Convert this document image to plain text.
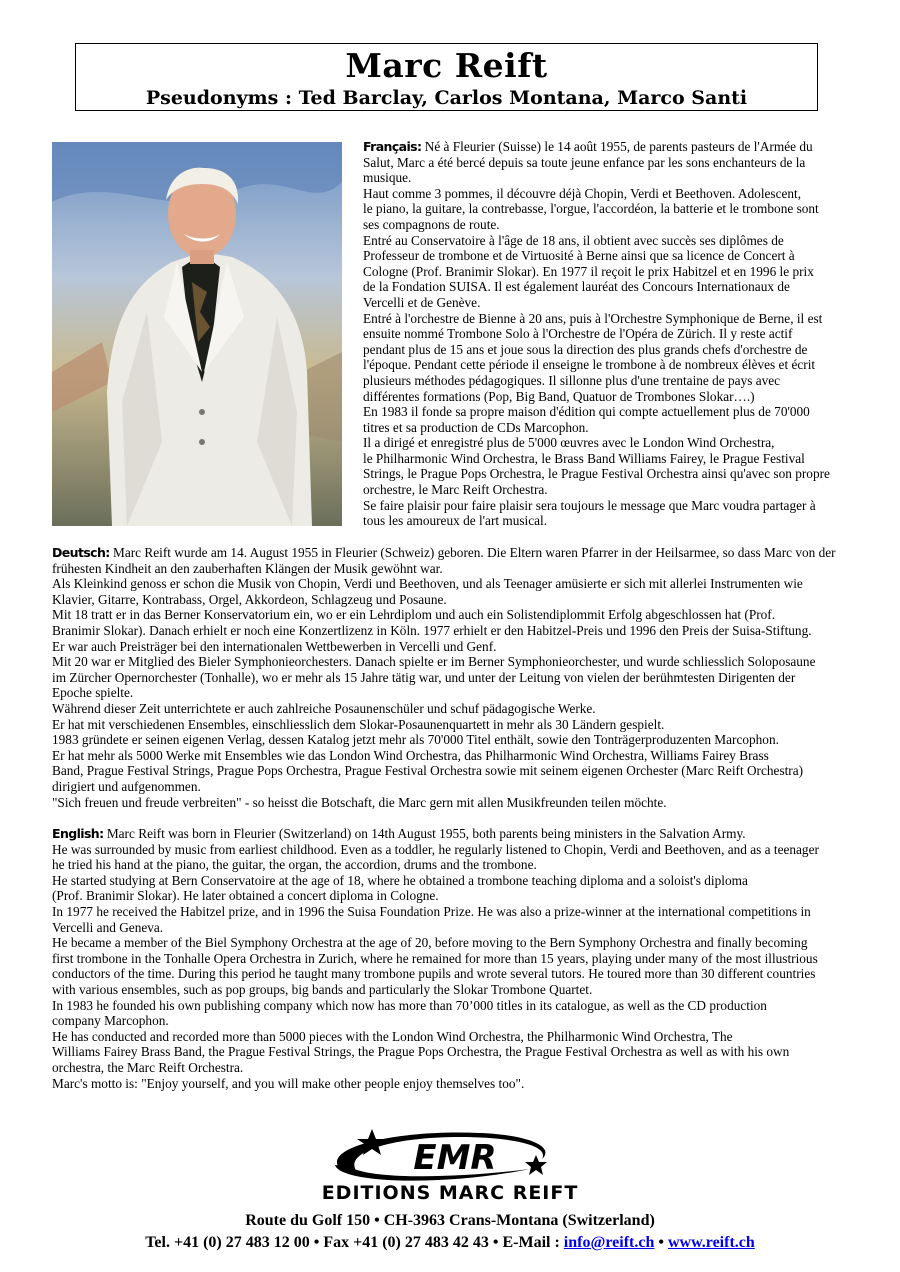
Marc Reift
Pseudonyms : Ted Barclay, Carlos Montana, Marco Santi

Français: Né à Fleurier (Suisse) le 14 août 1955, de parents pasteurs de l'Armée du
Salut, Marc a été bercé depuis sa toute jeune enfance par les sons enchanteurs de la
musique.
Haut comme 3 pommes, il découvre déjà Chopin, Verdi et Beethoven. Adolescent,
le piano, la guitare, la contrebasse, l'orgue, l'accordéon, la batterie et le trombone sont
ses compagnons de route.
Entré au Conservatoire à l'âge de 18 ans, il obtient avec succès ses diplômes de
Professeur de trombone et de Virtuosité à Berne ainsi que sa licence de Concert à
Cologne (Prof. Branimir Slokar). En 1977 il reçoit le prix Habitzel et en 1996 le prix
de la Fondation SUISA. Il est également lauréat des Concours Internationaux de
Vercelli et de Genève.
Entré à l'orchestre de Bienne à 20 ans, puis à l'Orchestre Symphonique de Berne, il est
ensuite nommé Trombone Solo à l'Orchestre de l'Opéra de Zürich. Il y reste actif
pendant plus de 15 ans et joue sous la direction des plus grands chefs d'orchestre de
l'époque. Pendant cette période il enseigne le trombone à de nombreux élèves et écrit
plusieurs méthodes pédagogiques. Il sillonne plus d'une trentaine de pays avec
différentes formations (Pop, Big Band, Quatuor de Trombones Slokar….)
En 1983 il fonde sa propre maison d'édition qui compte actuellement plus de 70'000
titres et sa production de CDs Marcophon.
Il a dirigé et enregistré plus de 5'000 œuvres avec le London Wind Orchestra,
le Philharmonic Wind Orchestra, le Brass Band Williams Fairey, le Prague Festival
Strings, le Prague Pops Orchestra, le Prague Festival Orchestra ainsi qu'avec son propre
orchestre, le Marc Reift Orchestra.
Se faire plaisir pour faire plaisir sera toujours le message que Marc voudra partager à
tous les amoureux de l'art musical.

Deutsch: Marc Reift wurde am 14. August 1955 in Fleurier (Schweiz) geboren. Die Eltern waren Pfarrer in der Heilsarmee, so dass Marc von der
frühesten Kindheit an den zauberhaften Klängen der Musik gewöhnt war.
Als Kleinkind genoss er schon die Musik von Chopin, Verdi und Beethoven, und als Teenager amüsierte er sich mit allerlei Instrumenten wie
Klavier, Gitarre, Kontrabass, Orgel, Akkordeon, Schlagzeug und Posaune.
Mit 18 tratt er in das Berner Konservatorium ein, wo er ein Lehrdiplom und auch ein Solistendiplommit Erfolg abgeschlossen hat (Prof.
Branimir Slokar). Danach erhielt er noch eine Konzertlizenz in Köln. 1977 erhielt er den Habitzel-Preis und 1996 den Preis der Suisa-Stiftung.
Er war auch Preisträger bei den internationalen Wettbewerben in Vercelli und Genf.
Mit 20 war er Mitglied des Bieler Symphonieorchesters. Danach spielte er im Berner Symphonieorchester, und wurde schliesslich Soloposaune
im Zürcher Opernorchester (Tonhalle), wo er mehr als 15 Jahre tätig war, und unter der Leitung von vielen der berühmtesten Dirigenten der
Epoche spielte.
Während dieser Zeit unterrichtete er auch zahlreiche Posaunenschüler und schuf pädagogische Werke.
Er hat mit verschiedenen Ensembles, einschliesslich dem Slokar-Posaunenquartett in mehr als 30 Ländern gespielt.
1983 gründete er seinen eigenen Verlag, dessen Katalog jetzt mehr als 70'000 Titel enthält, sowie den Tonträgerproduzenten Marcophon.
Er hat mehr als 5000 Werke mit Ensembles wie das London Wind Orchestra, das Philharmonic Wind Orchestra, Williams Fairey Brass
Band, Prague Festival Strings, Prague Pops Orchestra, Prague Festival Orchestra sowie mit seinem eigenen Orchester (Marc Reift Orchestra)
dirigiert und aufgenommen.
"Sich freuen und freude verbreiten" - so heisst die Botschaft, die Marc gern mit allen Musikfreunden teilen möchte.

English: Marc Reift was born in Fleurier (Switzerland) on 14th August 1955, both parents being ministers in the Salvation Army.
He was surrounded by music from earliest childhood. Even as a toddler, he regularly listened to Chopin, Verdi and Beethoven, and as a teenager
he tried his hand at the piano, the guitar, the organ, the accordion, drums and the trombone.
He started studying at Bern Conservatoire at the age of 18, where he obtained a trombone teaching diploma and a soloist's diploma
(Prof. Branimir Slokar). He later obtained a concert diploma in Cologne.
In 1977 he received the Habitzel prize, and in 1996 the Suisa Foundation Prize. He was also a prize-winner at the international competitions in
Vercelli and Geneva.
He became a member of the Biel Symphony Orchestra at the age of 20, before moving to the Bern Symphony Orchestra and finally becoming
first trombone in the Tonhalle Opera Orchestra in Zurich, where he remained for more than 15 years, playing under many of the most illustrious
conductors of the time. During this period he taught many trombone pupils and wrote several tutors. He toured more than 30 different countries
with various ensembles, such as pop groups, big bands and particularly the Slokar Trombone Quartet.
In 1983 he founded his own publishing company which now has more than 70’000 titles in its catalogue, as well as the CD production
company Marcophon.
He has conducted and recorded more than 5000 pieces with the London Wind Orchestra, the Philharmonic Wind Orchestra, The
Williams Fairey Brass Band, the Prague Festival Strings, the Prague Pops Orchestra, the Prague Festival Orchestra as well as with his own
orchestra, the Marc Reift Orchestra.
Marc's motto is: "Enjoy yourself, and you will make other people enjoy themselves too".

EMR
EDITIONS MARC REIFT
Route du Golf 150 • CH-3963 Crans-Montana (Switzerland)
Tel. +41 (0) 27 483 12 00 • Fax +41 (0) 27 483 42 43 • E-Mail : info@reift.ch • www.reift.ch
